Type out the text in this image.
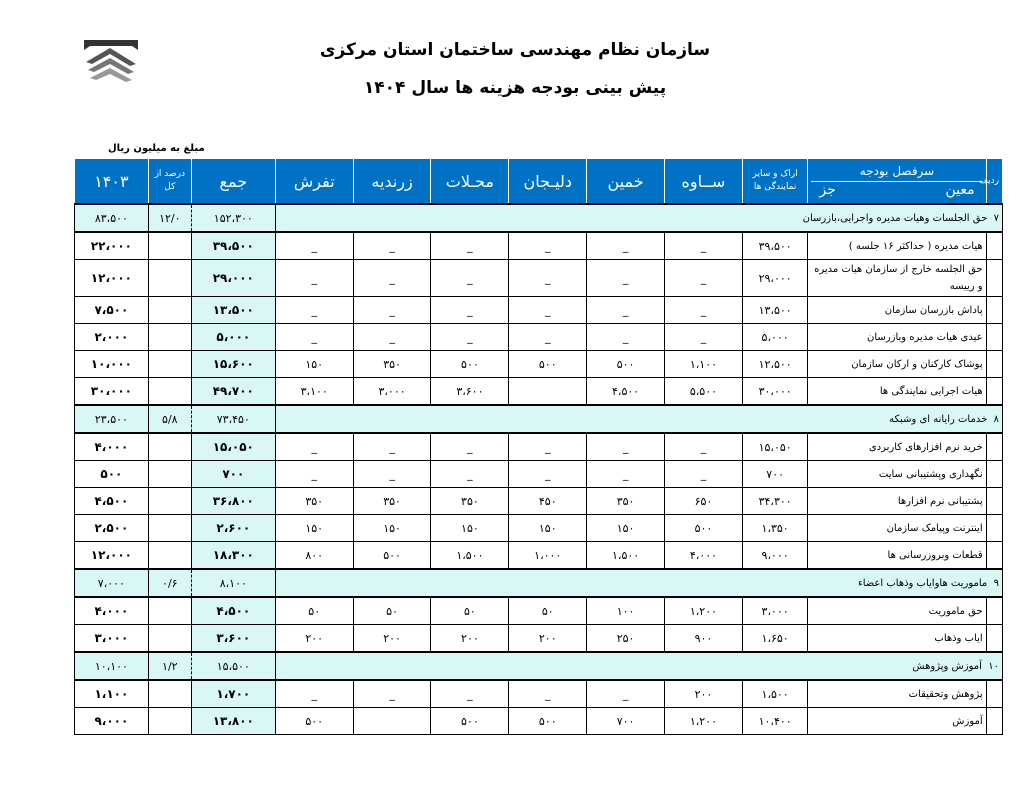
سازمان نظام مهندسی ساختمان استان مرکزی
پیش بینی بودجه هزینه ها سال ۱۴۰۴
مبلغ به میلیون ریال
ردیف	سرفصل بودجه
معین
جز	اراک و سایر نمایندگی ها	ســاوه	خمین	دلیـجان	محـلات	زرندیه	تفرش	جمع	درصد از کل	۱۴۰۳
۷  حق الجلسات وهیات مدیره واجرایی،بازرسان									۱۵۲،۳۰۰	۱۲/۰	۸۳،۵۰۰
	هیات مدیره ( حداکثر ۱۶ جلسه )	۳۹،۵۰۰	_	_	_	_	_	_	۳۹،۵۰۰		۲۲،۰۰۰
	حق الجلسه خارج از سازمان هیات مدیره و رییسه	۲۹،۰۰۰	_	_	_	_	_	_	۲۹،۰۰۰		۱۲،۰۰۰
	پاداش بازرسان سازمان	۱۳،۵۰۰	_	_	_	_	_	_	۱۳،۵۰۰		۷،۵۰۰
	عیدی هیات مدیره وبازرسان	۵،۰۰۰	_	_	_	_	_	_	۵،۰۰۰		۲،۰۰۰
	پوشاک کارکنان و ارکان سازمان	۱۲،۵۰۰	۱،۱۰۰	۵۰۰	۵۰۰	۵۰۰	۳۵۰	۱۵۰	۱۵،۶۰۰		۱۰،۰۰۰
	هیات اجرایی نمایندگی ها	۳۰،۰۰۰	۵،۵۰۰	۴،۵۰۰		۳،۶۰۰	۳،۰۰۰	۳،۱۰۰	۴۹،۷۰۰		۳۰،۰۰۰
۸  خدمات رایانه ای وشبکه									۷۳،۴۵۰	۵/۸	۲۳،۵۰۰
	خرید نرم افزارهای کاربردی	۱۵،۰۵۰	_	_	_	_	_	_	۱۵،۰۵۰		۴،۰۰۰
	نگهداری وپشتیبانی سایت	۷۰۰	_	_	_	_	_	_	۷۰۰		۵۰۰
	پشتیبانی نرم افزارها	۳۴،۳۰۰	۶۵۰	۳۵۰	۴۵۰	۳۵۰	۳۵۰	۳۵۰	۳۶،۸۰۰		۴،۵۰۰
	اینترنت وپیامک سازمان	۱،۳۵۰	۵۰۰	۱۵۰	۱۵۰	۱۵۰	۱۵۰	۱۵۰	۲،۶۰۰		۲،۵۰۰
	قطعات وبروزرسانی ها	۹،۰۰۰	۴،۰۰۰	۱،۵۰۰	۱،۰۰۰	۱،۵۰۰	۵۰۰	۸۰۰	۱۸،۳۰۰		۱۲،۰۰۰
۹  ماموریت هاوایاب وذهاب اعضاء									۸،۱۰۰	۰/۶	۷،۰۰۰
	حق ماموریت	۳،۰۰۰	۱،۲۰۰	۱۰۰	۵۰	۵۰	۵۰	۵۰	۴،۵۰۰		۴،۰۰۰
	ایاب وذهاب	۱،۶۵۰	۹۰۰	۲۵۰	۲۰۰	۲۰۰	۲۰۰	۲۰۰	۳،۶۰۰		۳،۰۰۰
۱۰  آموزش وپژوهش									۱۵،۵۰۰	۱/۲	۱۰،۱۰۰
	پژوهش وتحقیقات	۱،۵۰۰	۲۰۰	_	_	_	_	_	۱،۷۰۰		۱،۱۰۰
	آموزش	۱۰،۴۰۰	۱،۲۰۰	۷۰۰	۵۰۰	۵۰۰		۵۰۰	۱۳،۸۰۰		۹،۰۰۰
